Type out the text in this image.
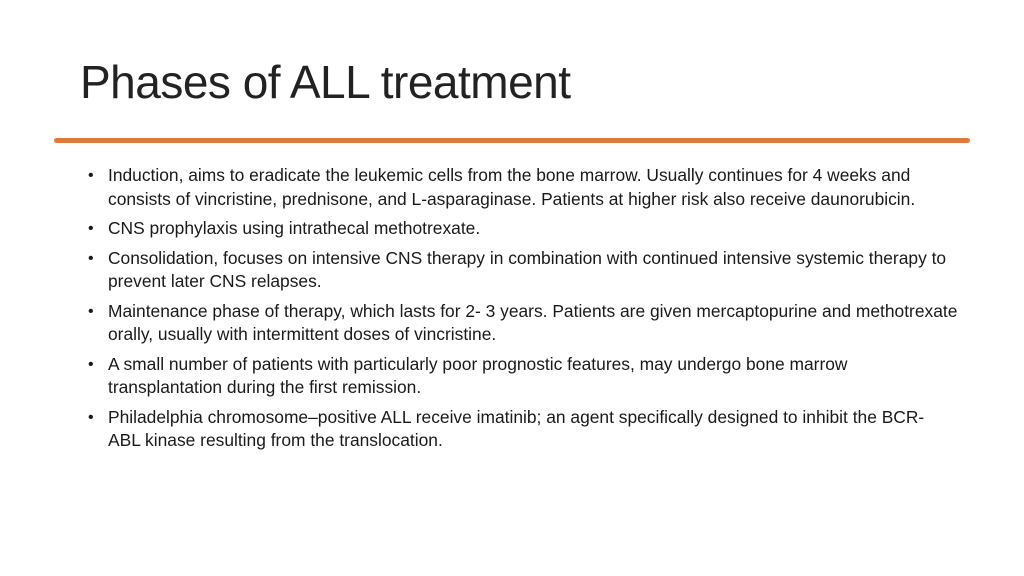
Phases of ALL treatment
• Induction, aims to eradicate the leukemic cells from the bone marrow. Usually continues for 4 weeks and consists of vincristine, prednisone, and L-asparaginase. Patients at higher risk also receive daunorubicin.
• CNS prophylaxis using intrathecal methotrexate.
• Consolidation, focuses on intensive CNS therapy in combination with continued intensive systemic therapy to prevent later CNS relapses.
• Maintenance phase of therapy, which lasts for 2- 3 years. Patients are given mercaptopurine and methotrexate orally, usually with intermittent doses of vincristine.
• A small number of patients with particularly poor prognostic features, may undergo bone marrow transplantation during the first remission.
• Philadelphia chromosome–positive ALL receive imatinib; an agent specifically designed to inhibit the BCR- ABL kinase resulting from the translocation.
